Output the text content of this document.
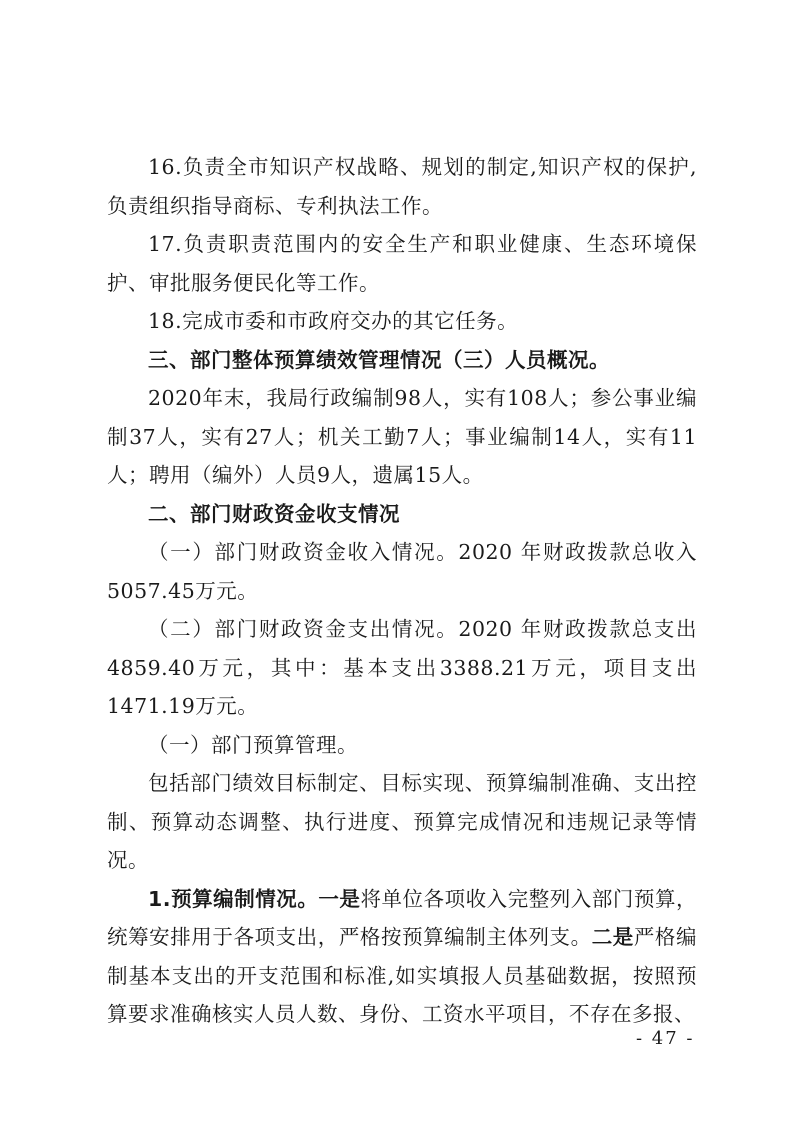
16.负责全市知识产权战略、规划的制定,知识产权的保护,负责组织指导商标、专利执法工作。

17.负责职责范围内的安全生产和职业健康、生态环境保护、审批服务便民化等工作。

18.完成市委和市政府交办的其它任务。

三、部门整体预算绩效管理情况（三）人员概况。

2020年末，我局行政编制98人，实有108人；参公事业编制37人，实有27人；机关工勤7人；事业编制14人，实有11人；聘用（编外）人员9人，遗属15人。

二、部门财政资金收支情况

（一）部门财政资金收入情况。2020 年财政拨款总收入5057.45万元。

（二）部门财政资金支出情况。2020 年财政拨款总支出4859.40万元，其中：基本支出3388.21万元，项目支出1471.19万元。

（一）部门预算管理。

包括部门绩效目标制定、目标实现、预算编制准确、支出控制、预算动态调整、执行进度、预算完成情况和违规记录等情况。

1.预算编制情况。一是将单位各项收入完整列入部门预算，统筹安排用于各项支出，严格按预算编制主体列支。二是严格编制基本支出的开支范围和标准,如实填报人员基础数据，按照预算要求准确核实人员人数、身份、工资水平项目，不存在多报、

- 47 -
